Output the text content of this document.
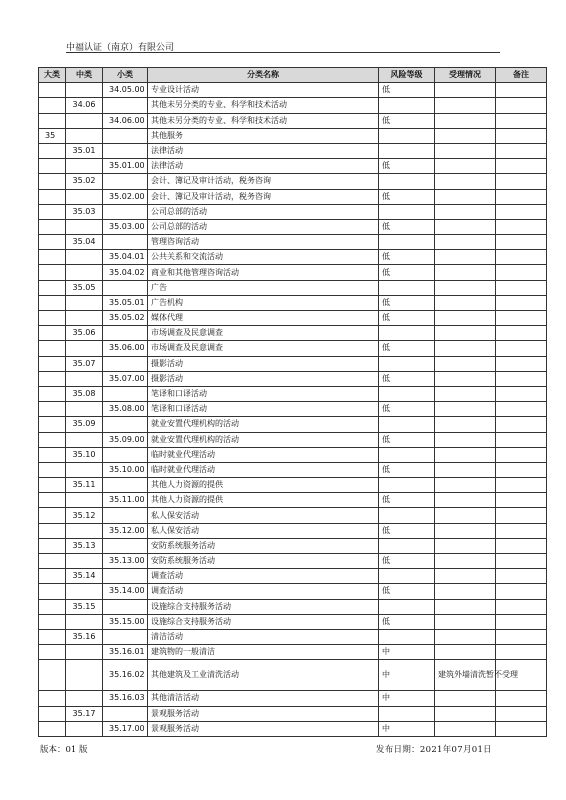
中福认证（南京）有限公司
大类	中类	小类	分类名称	风险等级	受理情况	备注
		34.05.00	专业设计活动	低		
	34.06		其他未另分类的专业、科学和技术活动			
		34.06.00	其他未另分类的专业、科学和技术活动	低		
35			其他服务			
	35.01		法律活动			
		35.01.00	法律活动	低		
	35.02		会计、簿记及审计活动，税务咨询			
		35.02.00	会计、簿记及审计活动，税务咨询	低		
	35.03		公司总部的活动			
		35.03.00	公司总部的活动	低		
	35.04		管理咨询活动			
		35.04.01	公共关系和交流活动	低		
		35.04.02	商业和其他管理咨询活动	低		
	35.05		广告			
		35.05.01	广告机构	低		
		35.05.02	媒体代理	低		
	35.06		市场调查及民意调查			
		35.06.00	市场调查及民意调查	低		
	35.07		摄影活动			
		35.07.00	摄影活动	低		
	35.08		笔译和口译活动			
		35.08.00	笔译和口译活动	低		
	35.09		就业安置代理机构的活动			
		35.09.00	就业安置代理机构的活动	低		
	35.10		临时就业代理活动			
		35.10.00	临时就业代理活动	低		
	35.11		其他人力资源的提供			
		35.11.00	其他人力资源的提供	低		
	35.12		私人保安活动			
		35.12.00	私人保安活动	低		
	35.13		安防系统服务活动			
		35.13.00	安防系统服务活动	低		
	35.14		调查活动			
		35.14.00	调查活动	低		
	35.15		设施综合支持服务活动			
		35.15.00	设施综合支持服务活动	低		
	35.16		清洁活动			
		35.16.01	建筑物的一般清洁	中		
		35.16.02	其他建筑及工业清洗活动	中	建筑外墙清洗暂不受理	
		35.16.03	其他清洁活动	中		
	35.17		景观服务活动			
		35.17.00	景观服务活动	中		
版本：01 版	发布日期：2021年07月01日
